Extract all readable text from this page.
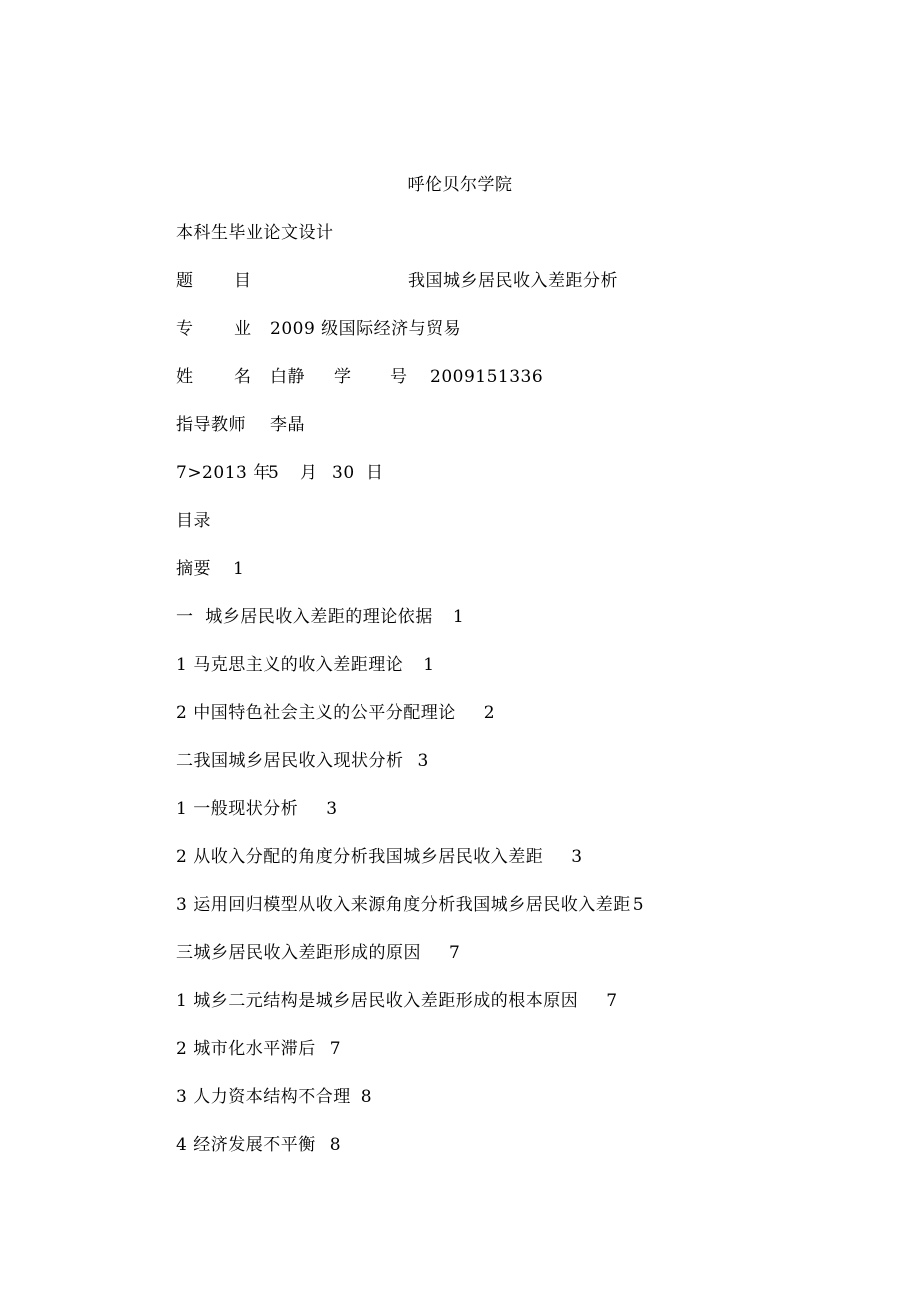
呼伦贝尔学院
本科生毕业论文设计

题

目

	我国城乡居民收入差距分析

专

业

2009 级国际经济与贸易

姓

名

白静

学

号

2009151336

指导教师

李晶

7>2013 年

5

月

30

日

目录
摘要 1
一  城乡居民收入差距的理论依据 1
1 马克思主义的收入差距理论 1
2 中国特色社会主义的公平分配理论 2
二我国城乡居民收入现状分析 3
1 一般现状分析 3
2 从收入分配的角度分析我国城乡居民收入差距 3
3 运用回归模型从收入来源角度分析我国城乡居民收入差距 5
三城乡居民收入差距形成的原因 7
1 城乡二元结构是城乡居民收入差距形成的根本原因 7
2 城市化水平滞后 7
3 人力资本结构不合理 8
4 经济发展不平衡 8
